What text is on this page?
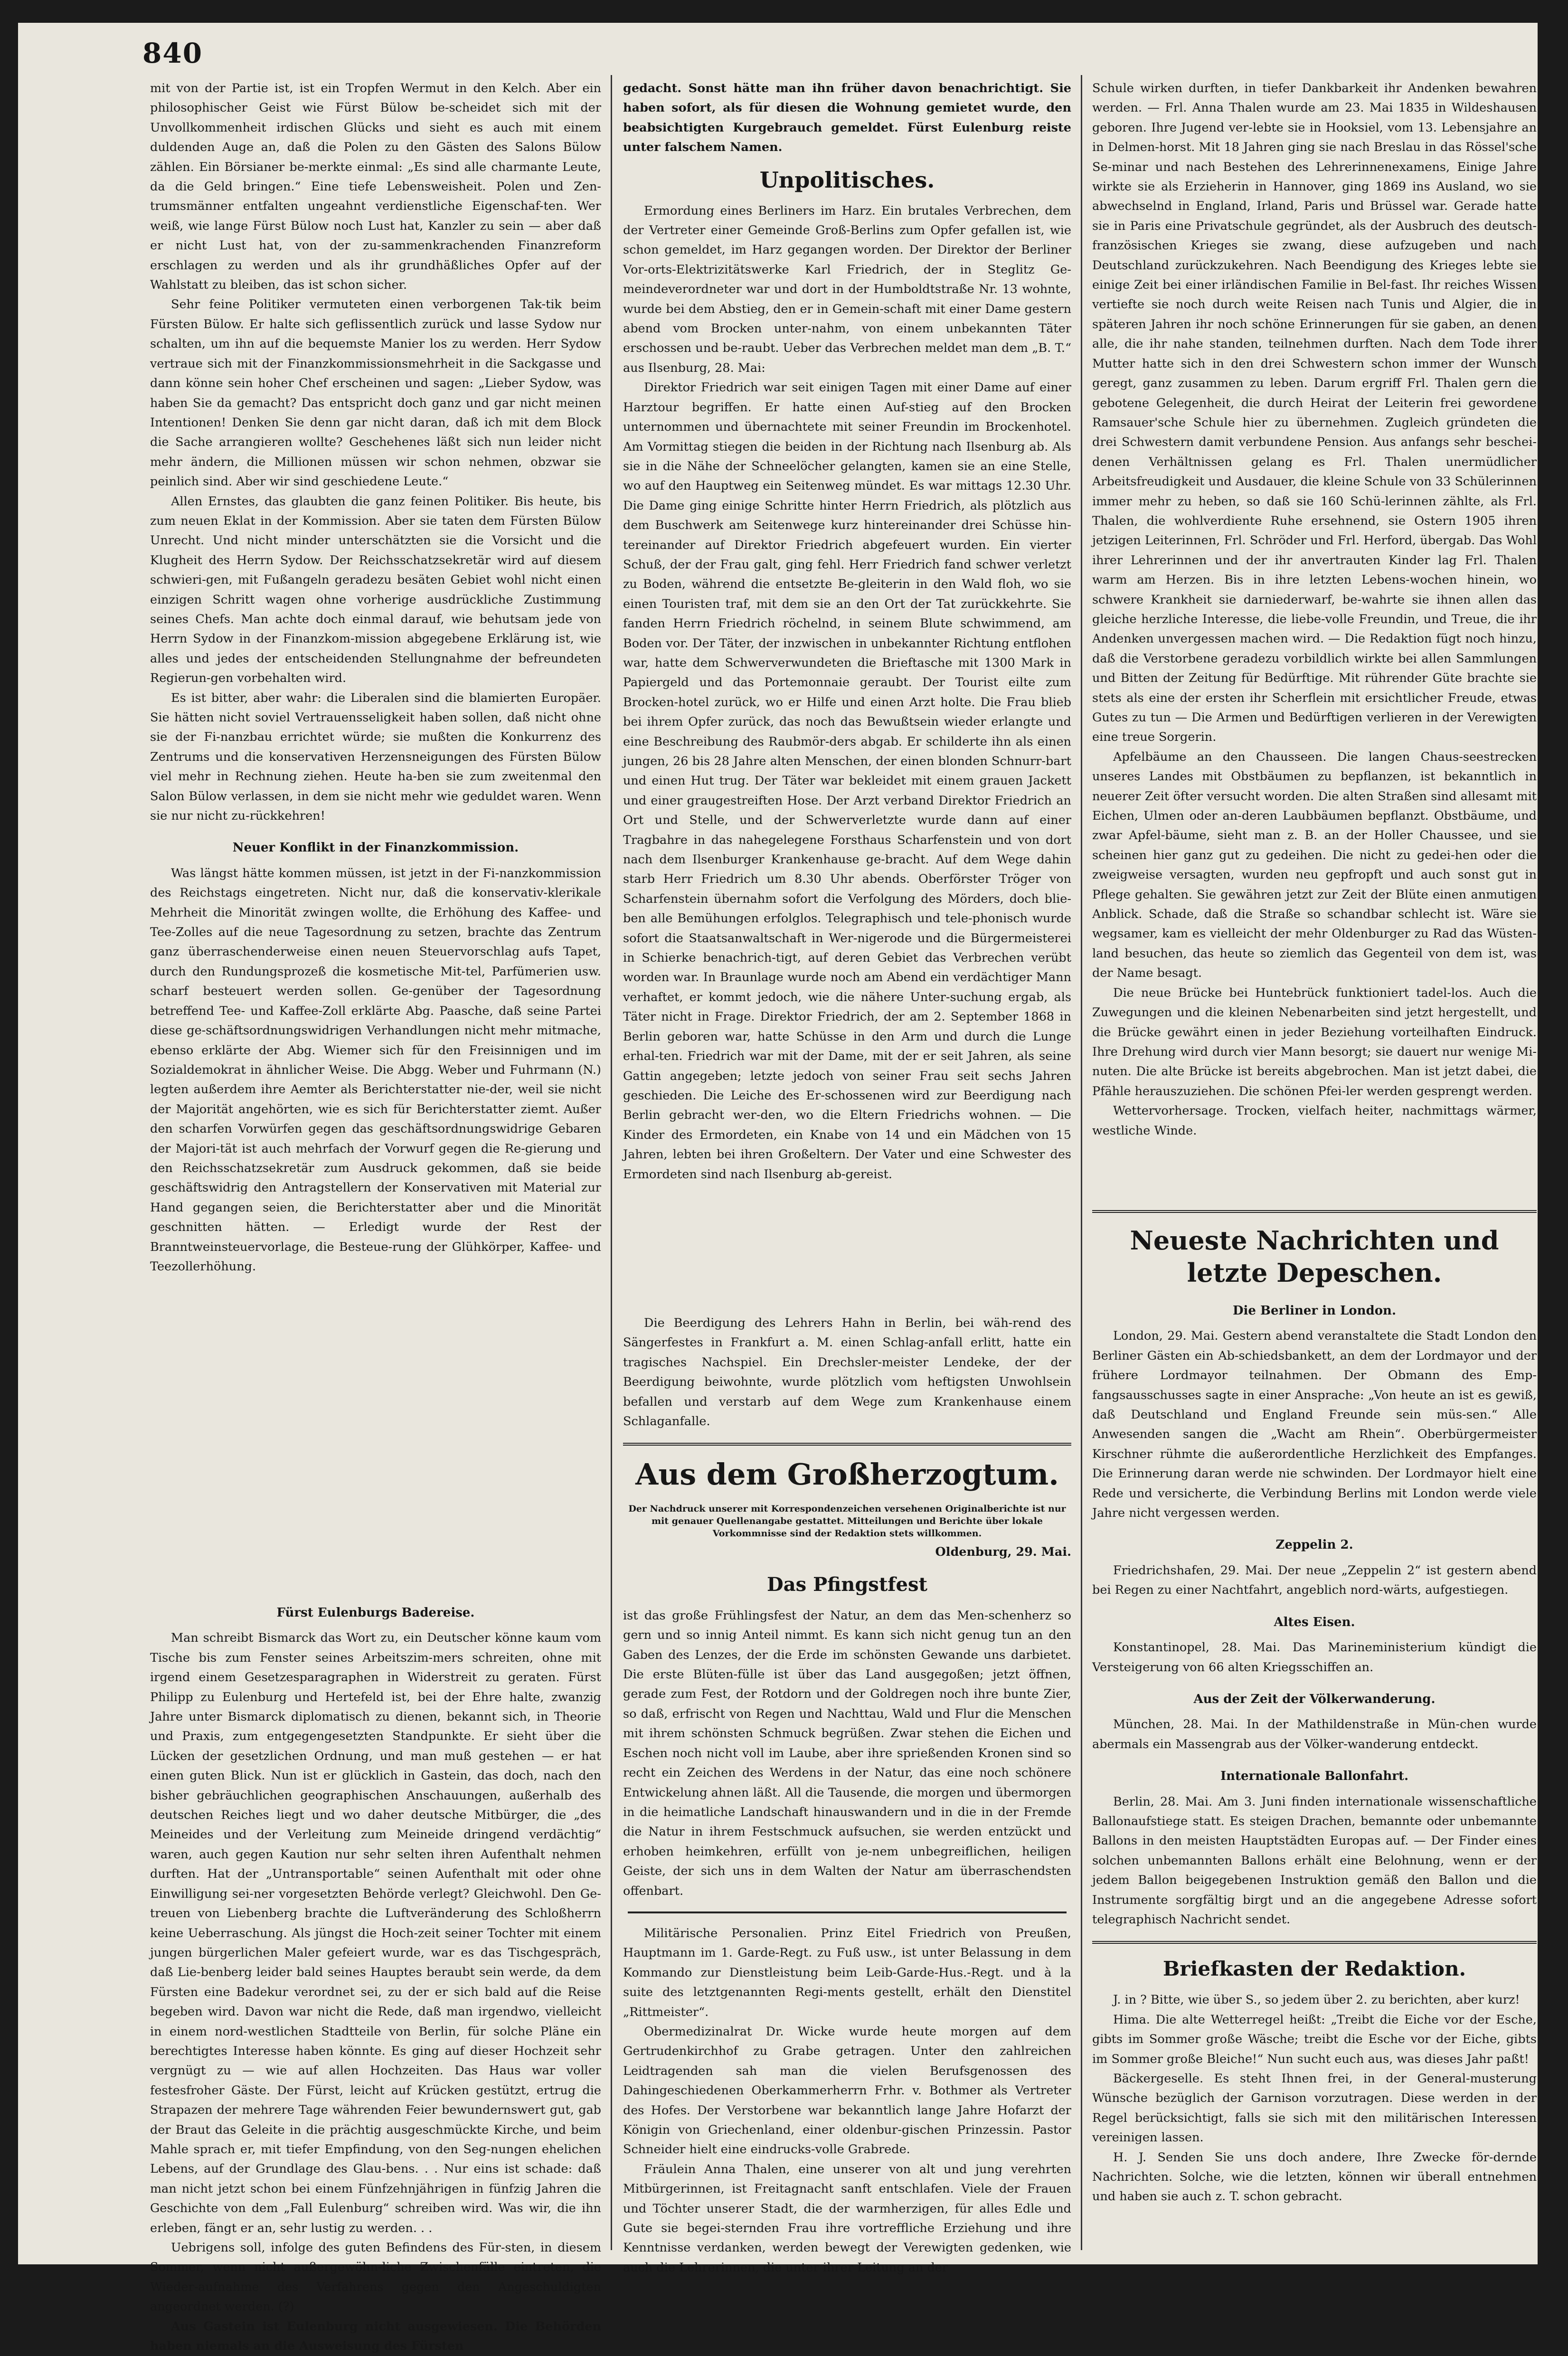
840

mit von der Partie ist, ist ein Tropfen Wermut in den Kelch. Aber ein philosophischer Geist wie Fürst Bülow be-scheidet sich mit der Unvollkommenheit irdischen Glücks und sieht es auch mit einem duldenden Auge an, daß die Polen zu den Gästen des Salons Bülow zählen. Ein Börsianer be-merkte einmal: „Es sind alle charmante Leute, da die Geld bringen.“ Eine tiefe Lebensweisheit. Polen und Zen-trumsmänner entfalten ungeahnt verdienstliche Eigenschaf-ten. Wer weiß, wie lange Fürst Bülow noch Lust hat, Kanzler zu sein — aber daß er nicht Lust hat, von der zu-sammenkrachenden Finanzreform erschlagen zu werden und als ihr grundhäßliches Opfer auf der Wahlstatt zu bleiben, das ist schon sicher.

Sehr feine Politiker vermuteten einen verborgenen Tak-tik beim Fürsten Bülow. Er halte sich geflissentlich zurück und lasse Sydow nur schalten, um ihn auf die bequemste Manier los zu werden. Herr Sydow vertraue sich mit der Finanzkommissionsmehrheit in die Sackgasse und dann könne sein hoher Chef erscheinen und sagen: „Lieber Sydow, was haben Sie da gemacht? Das entspricht doch ganz und gar nicht meinen Intentionen! Denken Sie denn gar nicht daran, daß ich mit dem Block die Sache arrangieren wollte? Geschehenes läßt sich nun leider nicht mehr ändern, die Millionen müssen wir schon nehmen, obzwar sie peinlich sind. Aber wir sind geschiedene Leute.“

Allen Ernstes, das glaubten die ganz feinen Politiker. Bis heute, bis zum neuen Eklat in der Kommission. Aber sie taten dem Fürsten Bülow Unrecht. Und nicht minder unterschätzten sie die Vorsicht und die Klugheit des Herrn Sydow. Der Reichsschatzsekretär wird auf diesem schwieri-gen, mit Fußangeln geradezu besäten Gebiet wohl nicht einen einzigen Schritt wagen ohne vorherige ausdrückliche Zustimmung seines Chefs. Man achte doch einmal darauf, wie behutsam jede von Herrn Sydow in der Finanzkom-mission abgegebene Erklärung ist, wie alles und jedes der entscheidenden Stellungnahme der befreundeten Regierun-gen vorbehalten wird.

Es ist bitter, aber wahr: die Liberalen sind die blamierten Europäer. Sie hätten nicht soviel Vertrauensseligkeit haben sollen, daß nicht ohne sie der Fi-nanzbau errichtet würde; sie mußten die Konkurrenz des Zentrums und die konservativen Herzensneigungen des Fürsten Bülow viel mehr in Rechnung ziehen. Heute ha-ben sie zum zweitenmal den Salon Bülow verlassen, in dem sie nicht mehr wie geduldet waren. Wenn sie nur nicht zu-rückkehren!

Neuer Konflikt in der Finanzkommission.

Was längst hätte kommen müssen, ist jetzt in der Fi-nanzkommission des Reichstags eingetreten. Nicht nur, daß die konservativ-klerikale Mehrheit die Minorität zwingen wollte, die Erhöhung des Kaffee- und Tee-Zolles auf die neue Tagesordnung zu setzen, brachte das Zentrum ganz überraschenderweise einen neuen Steuervorschlag aufs Tapet, durch den Rundungsprozeß die kosmetische Mit-tel, Parfümerien usw. scharf besteuert werden sollen. Ge-genüber der Tagesordnung betreffend Tee- und Kaffee-Zoll erklärte Abg. Paasche, daß seine Partei diese ge-schäftsordnungswidrigen Verhandlungen nicht mehr mitmache, ebenso erklärte der Abg. Wiemer sich für den Freisinnigen und im Sozialdemokrat in ähnlicher Weise. Die Abgg. Weber und Fuhrmann (N.) legten außerdem ihre Aemter als Berichterstatter nie-der, weil sie nicht der Majorität angehörten, wie es sich für Berichterstatter ziemt. Außer den scharfen Vorwürfen gegen das geschäftsordnungswidrige Gebaren der Majori-tät ist auch mehrfach der Vorwurf gegen die Re-gierung und den Reichsschatzsekretär zum Ausdruck gekommen, daß sie beide geschäftswidrig den Antragstellern der Konservativen mit Material zur Hand gegangen seien, die Berichterstatter aber und die Minorität geschnitten hätten. — Erledigt wurde der Rest der Branntweinsteuervorlage, die Besteue-rung der Glühkörper, Kaffee- und Teezollerhöhung.

Fürst Eulenburgs Badereise.

Man schreibt Bismarck das Wort zu, ein Deutscher könne kaum vom Tische bis zum Fenster seines Arbeitszim-mers schreiten, ohne mit irgend einem Gesetzesparagraphen in Widerstreit zu geraten. Fürst Philipp zu Eulenburg und Hertefeld ist, bei der Ehre halte, zwanzig Jahre unter Bismarck diplomatisch zu dienen, bekannt sich, in Theorie und Praxis, zum entgegengesetzten Standpunkte. Er sieht über die Lücken der gesetzlichen Ordnung, und man muß gestehen — er hat einen guten Blick. Nun ist er glücklich in Gastein, das doch, nach den bisher gebräuchlichen geographischen Anschauungen, außerhalb des deutschen Reiches liegt und wo daher deutsche Mitbürger, die „des Meineides und der Verleitung zum Meineide dringend verdächtig“ waren, auch gegen Kaution nur sehr selten ihren Aufenthalt nehmen durften. Hat der „Untransportable“ seinen Aufenthalt mit oder ohne Einwilligung sei-ner vorgesetzten Behörde verlegt? Gleichwohl. Den Ge-treuen von Liebenberg brachte die Luftveränderung des Schloßherrn keine Ueberraschung. Als jüngst die Hoch-zeit seiner Tochter mit einem jungen bürgerlichen Maler gefeiert wurde, war es das Tischgespräch, daß Lie-benberg leider bald seines Hauptes beraubt sein werde, da dem Fürsten eine Badekur verordnet sei, zu der er sich bald auf die Reise begeben wird. Davon war nicht die Rede, daß man irgendwo, vielleicht in einem nord-westlichen Stadtteile von Berlin, für solche Pläne ein berechtigtes Interesse haben könnte. Es ging auf dieser Hochzeit sehr vergnügt zu — wie auf allen Hochzeiten. Das Haus war voller festesfroher Gäste. Der Fürst, leicht auf Krücken gestützt, ertrug die Strapazen der mehrere Tage währenden Feier bewundernswert gut, gab der Braut das Geleite in die prächtig ausgeschmückte Kirche, und beim Mahle sprach er, mit tiefer Empfindung, von den Seg-nungen ehelichen Lebens, auf der Grundlage des Glau-bens. . . Nur eins ist schade: daß man nicht jetzt schon bei einem Fünfzehnjährigen in fünfzig Jahren die Geschichte von dem „Fall Eulenburg“ schreiben wird. Was wir, die ihn erleben, fängt er an, sehr lustig zu werden. . .

Uebrigens soll, infolge des guten Befindens des Für-sten, in diesem Sommer, wenn nicht außergewöhn-liche Zwischenfälle eintreten, die Wieder-aufnahme des Verfahrens gegen den Angeschuldigten angeordnet werden. (?)

Aus Gastein ist Eulenburg nicht ausgewiesen. Die Behörden haben niemals an die Ausweisung des Fürsten

gedacht. Sonst hätte man ihn früher davon benachrichtigt. Sie haben sofort, als für diesen die Wohnung gemietet wurde, den beabsichtigten Kurgebrauch gemeldet. Fürst Eulenburg reiste unter falschem Namen.

Unpolitisches.

Ermordung eines Berliners im Harz. Ein brutales Verbrechen, dem der Vertreter einer Gemeinde Groß-Berlins zum Opfer gefallen ist, wie schon gemeldet, im Harz gegangen worden. Der Direktor der Berliner Vor-orts-Elektrizitätswerke Karl Friedrich, der in Steglitz Ge-meindeverordneter war und dort in der Humboldtstraße Nr. 13 wohnte, wurde bei dem Abstieg, den er in Gemein-schaft mit einer Dame gestern abend vom Brocken unter-nahm, von einem unbekannten Täter erschossen und be-raubt. Ueber das Verbrechen meldet man dem „B. T.“ aus Ilsenburg, 28. Mai:

Direktor Friedrich war seit einigen Tagen mit einer Dame auf einer Harztour begriffen. Er hatte einen Auf-stieg auf den Brocken unternommen und übernachtete mit seiner Freundin im Brockenhotel. Am Vormittag stiegen die beiden in der Richtung nach Ilsenburg ab. Als sie in die Nähe der Schneelöcher gelangten, kamen sie an eine Stelle, wo auf den Hauptweg ein Seitenweg mündet. Es war mittags 12.30 Uhr. Die Dame ging einige Schritte hinter Herrn Friedrich, als plötzlich aus dem Buschwerk am Seitenwege kurz hintereinander drei Schüsse hin-tereinander auf Direktor Friedrich abgefeuert wurden. Ein vierter Schuß, der der Frau galt, ging fehl. Herr Friedrich fand schwer verletzt zu Boden, während die entsetzte Be-gleiterin in den Wald floh, wo sie einen Touristen traf, mit dem sie an den Ort der Tat zurückkehrte. Sie fanden Herrn Friedrich röchelnd, in seinem Blute schwimmend, am Boden vor. Der Täter, der inzwischen in unbekannter Richtung entflohen war, hatte dem Schwerverwundeten die Brieftasche mit 1300 Mark in Papiergeld und das Portemonnaie geraubt. Der Tourist eilte zum Brocken-hotel zurück, wo er Hilfe und einen Arzt holte. Die Frau blieb bei ihrem Opfer zurück, das noch das Bewußtsein wieder erlangte und eine Beschreibung des Raubmör-ders abgab. Er schilderte ihn als einen jungen, 26 bis 28 Jahre alten Menschen, der einen blonden Schnurr-bart und einen Hut trug. Der Täter war bekleidet mit einem grauen Jackett und einer graugestreiften Hose. Der Arzt verband Direktor Friedrich an Ort und Stelle, und der Schwerverletzte wurde dann auf einer Tragbahre in das nahegelegene Forsthaus Scharfenstein und von dort nach dem Ilsenburger Krankenhause ge-bracht. Auf dem Wege dahin starb Herr Friedrich um 8.30 Uhr abends. Oberförster Tröger von Scharfenstein übernahm sofort die Verfolgung des Mörders, doch blie-ben alle Bemühungen erfolglos. Telegraphisch und tele-phonisch wurde sofort die Staatsanwaltschaft in Wer-nigerode und die Bürgermeisterei in Schierke benachrich-tigt, auf deren Gebiet das Verbrechen verübt worden war. In Braunlage wurde noch am Abend ein verdächtiger Mann verhaftet, er kommt jedoch, wie die nähere Unter-suchung ergab, als Täter nicht in Frage. Direktor Friedrich, der am 2. September 1868 in Berlin geboren war, hatte Schüsse in den Arm und durch die Lunge erhal-ten. Friedrich war mit der Dame, mit der er seit Jahren, als seine Gattin angegeben; letzte jedoch von seiner Frau seit sechs Jahren geschieden. Die Leiche des Er-schossenen wird zur Beerdigung nach Berlin gebracht wer-den, wo die Eltern Friedrichs wohnen. — Die Kinder des Ermordeten, ein Knabe von 14 und ein Mädchen von 15 Jahren, lebten bei ihren Großeltern. Der Vater und eine Schwester des Ermordeten sind nach Ilsenburg ab-gereist.

Die Beerdigung des Lehrers Hahn in Berlin, bei wäh-rend des Sängerfestes in Frankfurt a. M. einen Schlag-anfall erlitt, hatte ein tragisches Nachspiel. Ein Drechsler-meister Lendeke, der der Beerdigung beiwohnte, wurde plötzlich vom heftigsten Unwohlsein befallen und verstarb auf dem Wege zum Krankenhause einem Schlaganfalle.

Aus dem Großherzogtum.
Der Nachdruck unserer mit Korrespondenzeichen versehenen Originalberichte ist nur mit genauer Quellenangabe gestattet. Mitteilungen und Berichte über lokale Vorkommnisse sind der Redaktion stets willkommen.
Oldenburg, 29. Mai.
Das Pfingstfest

ist das große Frühlingsfest der Natur, an dem das Men-schenherz so gern und so innig Anteil nimmt. Es kann sich nicht genug tun an den Gaben des Lenzes, der die Erde im schönsten Gewande uns darbietet. Die erste Blüten-fülle ist über das Land ausgegoßen; jetzt öffnen, gerade zum Fest, der Rotdorn und der Goldregen noch ihre bunte Zier, so daß, erfrischt von Regen und Nachttau, Wald und Flur die Menschen mit ihrem schönsten Schmuck begrüßen. Zwar stehen die Eichen und Eschen noch nicht voll im Laube, aber ihre sprießenden Kronen sind so recht ein Zeichen des Werdens in der Natur, das eine noch schönere Entwickelung ahnen läßt. All die Tausende, die morgen und übermorgen in die heimatliche Landschaft hinauswandern und in die in der Fremde die Natur in ihrem Festschmuck aufsuchen, sie werden entzückt und erhoben heimkehren, erfüllt von je-nem unbegreiflichen, heiligen Geiste, der sich uns in dem Walten der Natur am überraschendsten offenbart.

Militärische Personalien. Prinz Eitel Friedrich von Preußen, Hauptmann im 1. Garde-Regt. zu Fuß usw., ist unter Belassung in dem Kommando zur Dienstleistung beim Leib-Garde-Hus.-Regt. und à la suite des letztgenannten Regi-ments gestellt, erhält den Dienstitel „Rittmeister“.

Obermedizinalrat Dr. Wicke wurde heute morgen auf dem Gertrudenkirchhof zu Grabe getragen. Unter den zahlreichen Leidtragenden sah man die vielen Berufsgenossen des Dahingeschiedenen Oberkammerherrn Frhr. v. Bothmer als Vertreter des Hofes. Der Verstorbene war bekanntlich lange Jahre Hofarzt der Königin von Griechenland, einer oldenbur-gischen Prinzessin. Pastor Schneider hielt eine eindrucks-volle Grabrede.

Fräulein Anna Thalen, eine unserer von alt und jung verehrten Mitbürgerinnen, ist Freitagnacht sanft entschlafen. Viele der Frauen und Töchter unserer Stadt, die der warmherzigen, für alles Edle und Gute sie begei-sternden Frau ihre vortreffliche Erziehung und ihre Kenntnisse verdanken, werden bewegt der Verewigten gedenken, wie auch die Lehrerinnen, die unter ihrer Leitung an der

Schule wirken durften, in tiefer Dankbarkeit ihr Andenken bewahren werden. — Frl. Anna Thalen wurde am 23. Mai 1835 in Wildeshausen geboren. Ihre Jugend ver-lebte sie in Hooksiel, vom 13. Lebensjahre an in Delmen-horst. Mit 18 Jahren ging sie nach Breslau in das Rössel'sche Se-minar und nach Bestehen des Lehrerinnenexamens, Einige Jahre wirkte sie als Erzieherin in Hannover, ging 1869 ins Ausland, wo sie abwechselnd in England, Irland, Paris und Brüssel war. Gerade hatte sie in Paris eine Privatschule gegründet, als der Ausbruch des deutsch-französischen Krieges sie zwang, diese aufzugeben und nach Deutschland zurückzukehren. Nach Beendigung des Krieges lebte sie einige Zeit bei einer irländischen Familie in Bel-fast. Ihr reiches Wissen vertiefte sie noch durch weite Reisen nach Tunis und Algier, die in späteren Jahren ihr noch schöne Erinnerungen für sie gaben, an denen alle, die ihr nahe standen, teilnehmen durften. Nach dem Tode ihrer Mutter hatte sich in den drei Schwestern schon immer der Wunsch geregt, ganz zusammen zu leben. Darum ergriff Frl. Thalen gern die gebotene Gelegenheit, die durch Heirat der Leiterin frei gewordene Ramsauer'sche Schule hier zu übernehmen. Zugleich gründeten die drei Schwestern damit verbundene Pension. Aus anfangs sehr beschei-denen Verhältnissen gelang es Frl. Thalen unermüdlicher Arbeitsfreudigkeit und Ausdauer, die kleine Schule von 33 Schülerinnen immer mehr zu heben, so daß sie 160 Schü-lerinnen zählte, als Frl. Thalen, die wohlverdiente Ruhe ersehnend, sie Ostern 1905 ihren jetzigen Leiterinnen, Frl. Schröder und Frl. Herford, übergab. Das Wohl ihrer Lehrerinnen und der ihr anvertrauten Kinder lag Frl. Thalen warm am Herzen. Bis in ihre letzten Lebens-wochen hinein, wo schwere Krankheit sie darniederwarf, be-wahrte sie ihnen allen das gleiche herzliche Interesse, die liebe-volle Freundin, und Treue, die ihr Andenken unvergessen machen wird. — Die Redaktion fügt noch hinzu, daß die Verstorbene geradezu vorbildlich wirkte bei allen Sammlungen und Bitten der Zeitung für Bedürftige. Mit rührender Güte brachte sie stets als eine der ersten ihr Scherflein mit ersichtlicher Freude, etwas Gutes zu tun — Die Armen und Bedürftigen verlieren in der Verewigten eine treue Sorgerin.

Apfelbäume an den Chausseen. Die langen Chaus-seestrecken unseres Landes mit Obstbäumen zu bepflanzen, ist bekanntlich in neuerer Zeit öfter versucht worden. Die alten Straßen sind allesamt mit Eichen, Ulmen oder an-deren Laubbäumen bepflanzt. Obstbäume, und zwar Apfel-bäume, sieht man z. B. an der Holler Chaussee, und sie scheinen hier ganz gut zu gedeihen. Die nicht zu gedei-hen oder die zweigweise versagten, wurden neu gepfropft und auch sonst gut in Pflege gehalten. Sie gewähren jetzt zur Zeit der Blüte einen anmutigen Anblick. Schade, daß die Straße so schandbar schlecht ist. Wäre sie wegsamer, kam es vielleicht der mehr Oldenburger zu Rad das Wüsten-land besuchen, das heute so ziemlich das Gegenteil von dem ist, was der Name besagt.

Die neue Brücke bei Huntebrück funktioniert tadel-los. Auch die Zuwegungen und die kleinen Nebenarbeiten sind jetzt hergestellt, und die Brücke gewährt einen in jeder Beziehung vorteilhaften Eindruck. Ihre Drehung wird durch vier Mann besorgt; sie dauert nur wenige Mi-nuten. Die alte Brücke ist bereits abgebrochen. Man ist jetzt dabei, die Pfähle herauszuziehen. Die schönen Pfei-ler werden gesprengt werden.

Wettervorhersage. Trocken, vielfach heiter, nachmittags wärmer, westliche Winde.

Neueste Nachrichten und letzte Depeschen.
Die Berliner in London.

London, 29. Mai. Gestern abend veranstaltete die Stadt London den Berliner Gästen ein Ab-schiedsbankett, an dem der Lordmayor und der frühere Lordmayor teilnahmen. Der Obmann des Emp-fangsausschusses sagte in einer Ansprache: „Von heute an ist es gewiß, daß Deutschland und England Freunde sein müs-sen.“ Alle Anwesenden sangen die „Wacht am Rhein“. Oberbürgermeister Kirschner rühmte die außerordentliche Herzlichkeit des Empfanges. Die Erinnerung daran werde nie schwinden. Der Lordmayor hielt eine Rede und versicherte, die Verbindung Berlins mit London werde viele Jahre nicht vergessen werden.

Zeppelin 2.

Friedrichshafen, 29. Mai. Der neue „Zeppelin 2“ ist gestern abend bei Regen zu einer Nachtfahrt, angeblich nord-wärts, aufgestiegen.

Altes Eisen.

Konstantinopel, 28. Mai. Das Marineministerium kündigt die Versteigerung von 66 alten Kriegsschiffen an.

Aus der Zeit der Völkerwanderung.

München, 28. Mai. In der Mathildenstraße in Mün-chen wurde abermals ein Massengrab aus der Völker-wanderung entdeckt.

Internationale Ballonfahrt.

Berlin, 28. Mai. Am 3. Juni finden internationale wissenschaftliche Ballonaufstiege statt. Es steigen Drachen, bemannte oder unbemannte Ballons in den meisten Hauptstädten Europas auf. — Der Finder eines solchen unbemannten Ballons erhält eine Belohnung, wenn er der jedem Ballon beigegebenen Instruktion gemäß den Ballon und die Instrumente sorgfältig birgt und an die angegebene Adresse sofort telegraphisch Nachricht sendet.

Briefkasten der Redaktion.

J. in ? Bitte, wie über S., so jedem über 2. zu berichten, aber kurz!

Hima. Die alte Wetterregel heißt: „Treibt die Eiche vor der Esche, gibts im Sommer große Wäsche; treibt die Esche vor der Eiche, gibts im Sommer große Bleiche!“ Nun sucht euch aus, was dieses Jahr paßt!

Bäckergeselle. Es steht Ihnen frei, in der General-musterung Wünsche bezüglich der Garnison vorzutragen. Diese werden in der Regel berücksichtigt, falls sie sich mit den militärischen Interessen vereinigen lassen.

H. J. Senden Sie uns doch andere, Ihre Zwecke för-dernde Nachrichten. Solche, wie die letzten, können wir überall entnehmen und haben sie auch z. T. schon gebracht.
